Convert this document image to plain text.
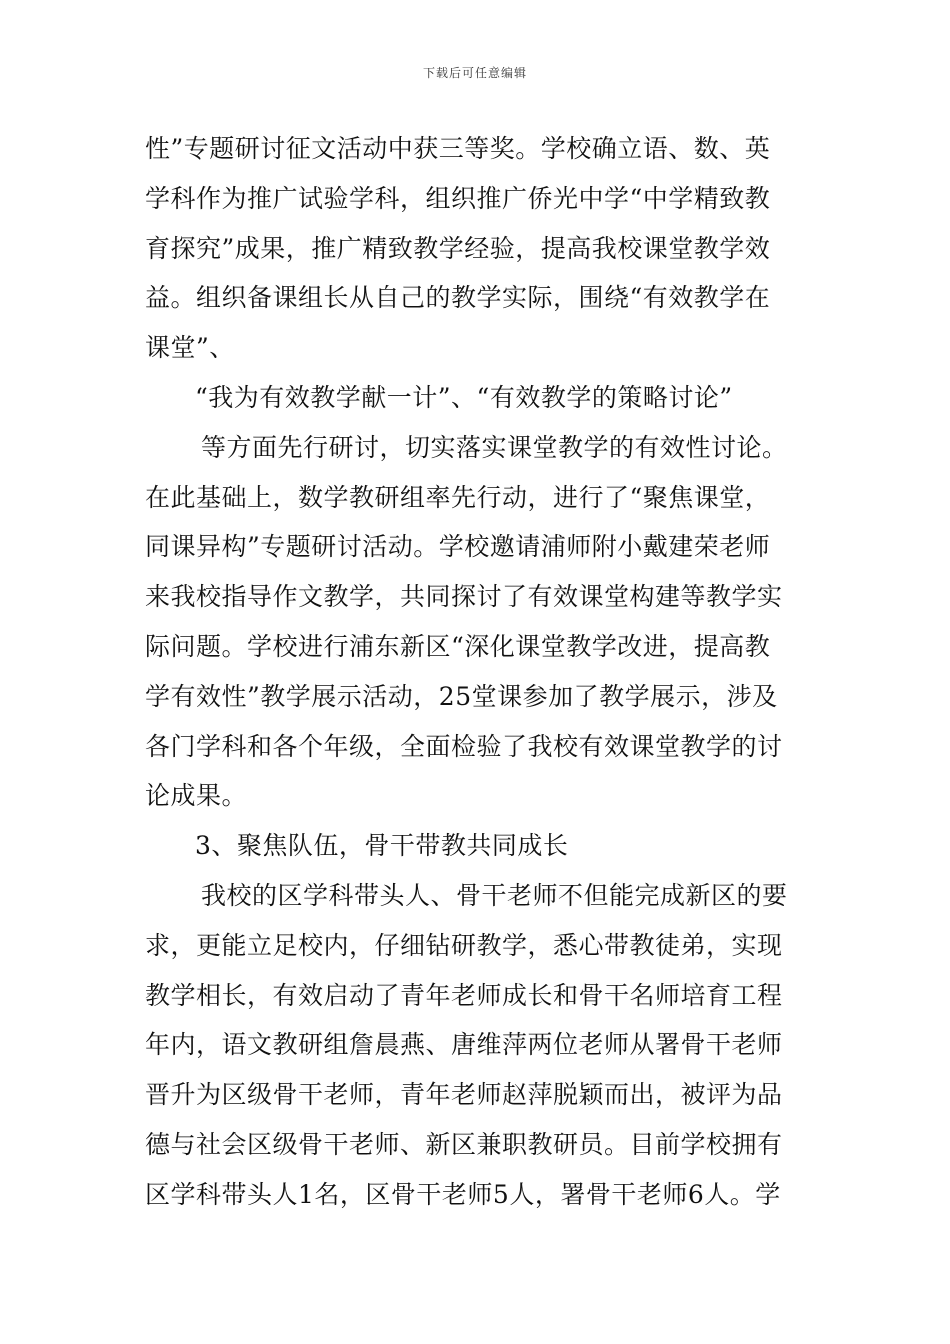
下载后可任意编辑
性”专题研讨征文活动中获三等奖。学校确立语、数、英
学科作为推广试验学科，组织推广侨光中学“中学精致教
育探究”成果，推广精致教学经验，提高我校课堂教学效
益。组织备课组长从自己的教学实际，围绕“有效教学在
课堂”、
“我为有效教学献一计”、“有效教学的策略讨论”
等方面先行研讨，切实落实课堂教学的有效性讨论。
在此基础上，数学教研组率先行动，进行了“聚焦课堂，
同课异构”专题研讨活动。学校邀请浦师附小戴建荣老师
来我校指导作文教学，共同探讨了有效课堂构建等教学实
际问题。学校进行浦东新区“深化课堂教学改进，提高教
学有效性”教学展示活动，25堂课参加了教学展示，涉及
各门学科和各个年级，全面检验了我校有效课堂教学的讨
论成果。
3、聚焦队伍，骨干带教共同成长
我校的区学科带头人、骨干老师不但能完成新区的要
求，更能立足校内，仔细钻研教学，悉心带教徒弟，实现
教学相长，有效启动了青年老师成长和骨干名师培育工程
年内，语文教研组詹晨燕、唐维萍两位老师从署骨干老师
晋升为区级骨干老师，青年老师赵萍脱颖而出，被评为品
德与社会区级骨干老师、新区兼职教研员。目前学校拥有
区学科带头人1名，区骨干老师5人，署骨干老师6人。学
